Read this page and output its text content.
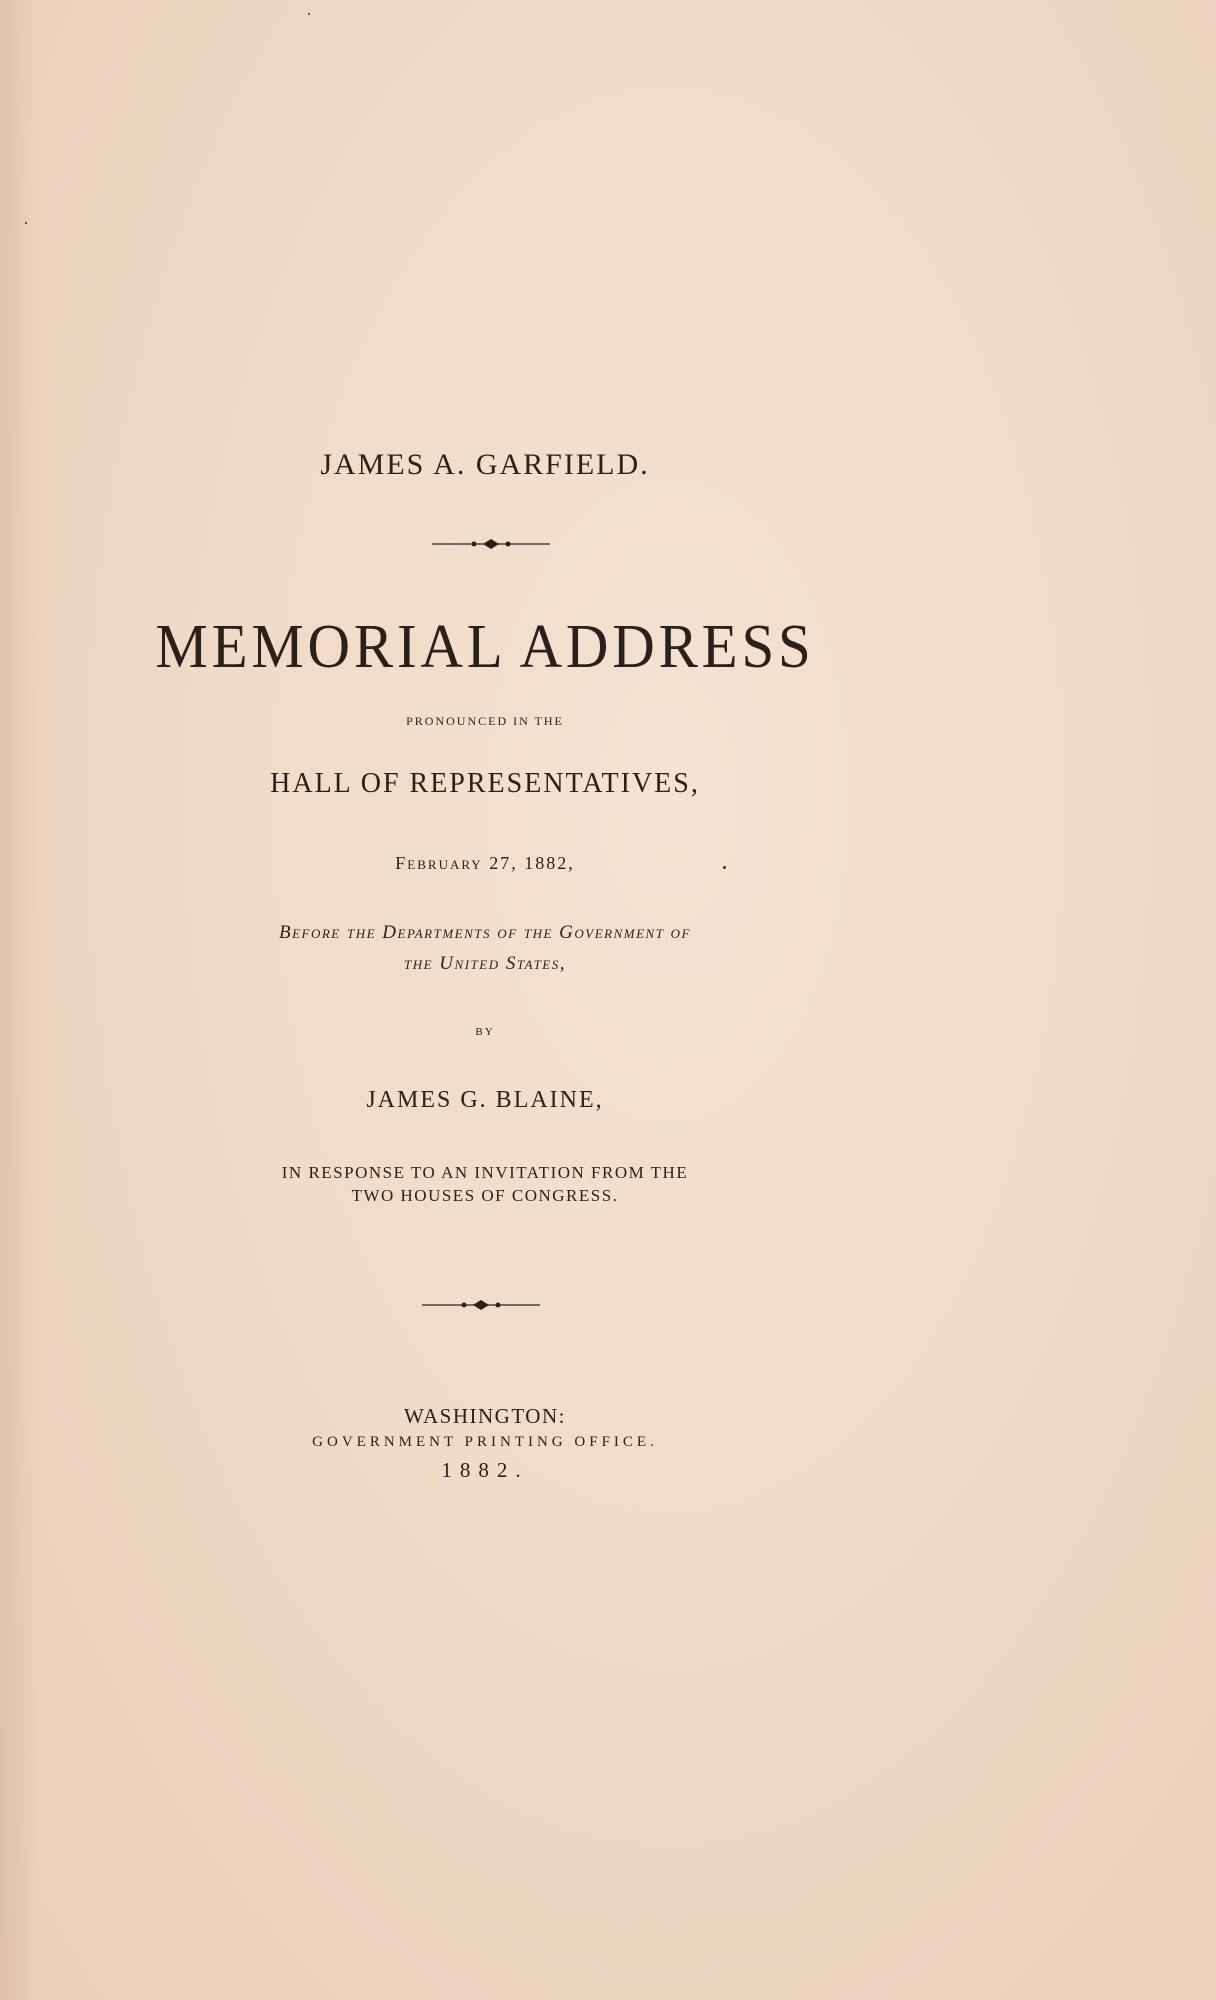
JAMES A. GARFIELD.
MEMORIAL ADDRESS
PRONOUNCED IN THE
HALL OF REPRESENTATIVES,
February 27, 1882,
Before the Departments of the Government of
the United States,
BY
JAMES G. BLAINE,
IN RESPONSE TO AN INVITATION FROM THE
TWO HOUSES OF CONGRESS.
WASHINGTON:
GOVERNMENT PRINTING OFFICE.
1882.
